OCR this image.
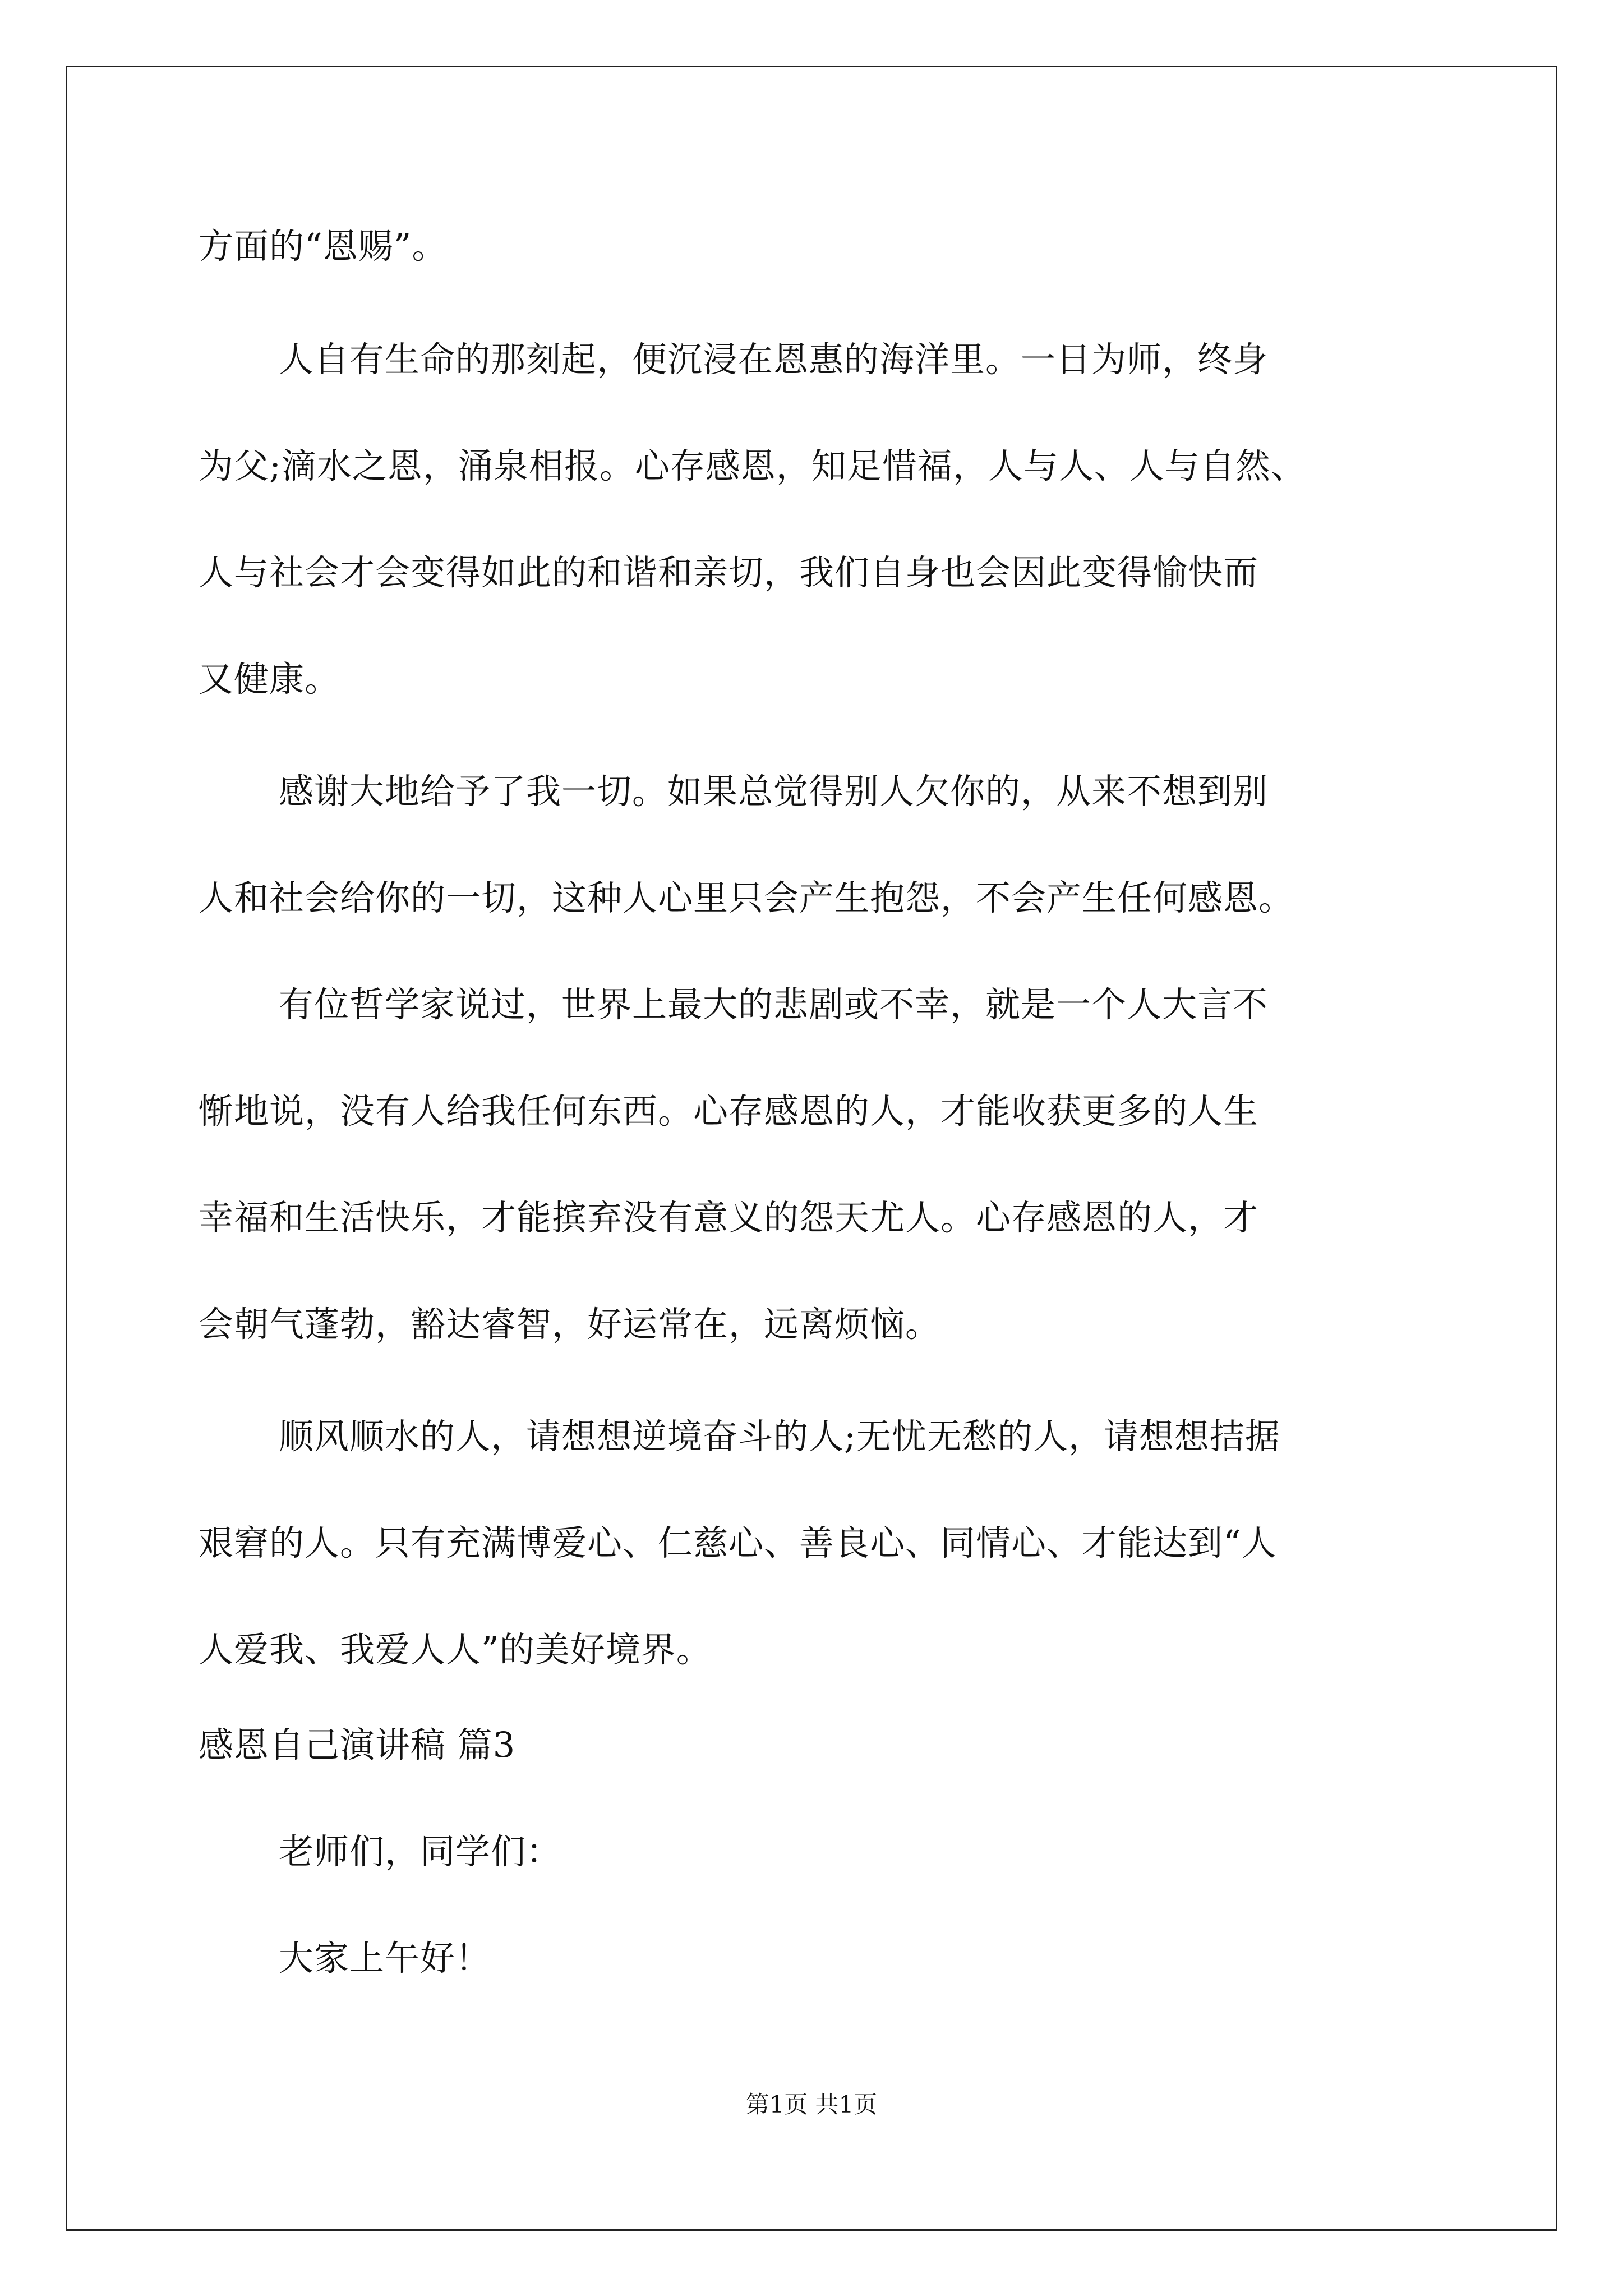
方面的“恩赐”。
人自有生命的那刻起，便沉浸在恩惠的海洋里。一日为师，终身
为父;滴水之恩，涌泉相报。心存感恩，知足惜福，人与人、人与自然、
人与社会才会变得如此的和谐和亲切，我们自身也会因此变得愉快而
又健康。
感谢大地给予了我一切。如果总觉得别人欠你的，从来不想到别
人和社会给你的一切，这种人心里只会产生抱怨，不会产生任何感恩。
有位哲学家说过，世界上最大的悲剧或不幸，就是一个人大言不
惭地说，没有人给我任何东西。心存感恩的人，才能收获更多的人生
幸福和生活快乐，才能摈弃没有意义的怨天尤人。心存感恩的人，才
会朝气蓬勃，豁达睿智，好运常在，远离烦恼。
顺风顺水的人，请想想逆境奋斗的人;无忧无愁的人，请想想拮据
艰窘的人。只有充满博爱心、仁慈心、善良心、同情心、才能达到“人
人爱我、我爱人人”的美好境界。
感恩自己演讲稿 篇3
老师们，同学们：
大家上午好！
第1页 共1页
